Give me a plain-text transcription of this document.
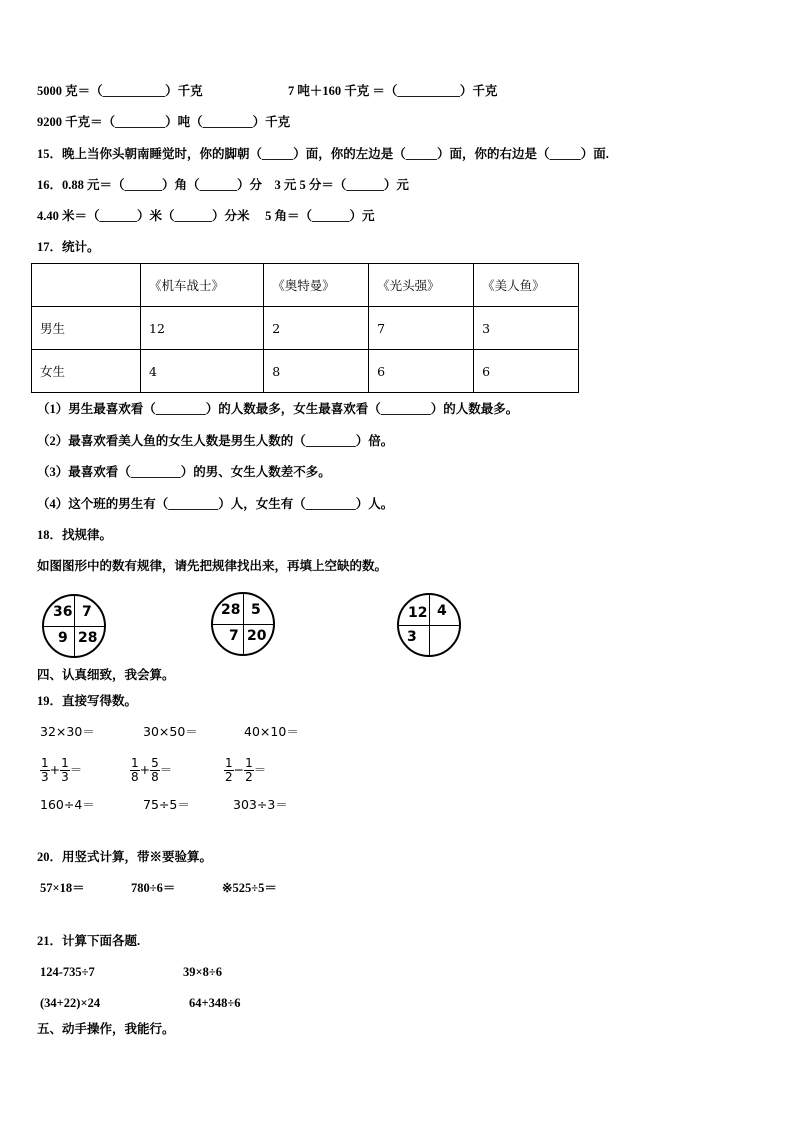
5000 克＝（__________）千克	7 吨＋160 千克 ＝（__________）千克
9200 千克＝（________）吨（________）千克
15．晚上当你头朝南睡觉时，你的脚朝（_____）面，你的左边是（_____）面，你的右边是（_____）面.
16．0.88 元＝（______）角（______）分　3 元 5 分＝（______）元
4.40 米＝（______）米（______）分米　 5 角＝（______）元
17．统计。
	《机车战士》	《奥特曼》	《光头强》	《美人鱼》
男生	12	2	7	3
女生	4	8	6	6
（1）男生最喜欢看（________）的人数最多，女生最喜欢看（________）的人数最多。
（2）最喜欢看美人鱼的女生人数是男生人数的（________）倍。
（3）最喜欢看（________）的男、女生人数差不多。
（4）这个班的男生有（________）人，女生有（________）人。
18．找规律。
如图图形中的数有规律，请先把规律找出来，再填上空缺的数。
36 7
9 28
28 5
7 20
12 4
3
四、认真细致，我会算。
19．直接写得数。
32×30＝	30×50＝	40×10＝
$\frac{1}{3} + \frac{1}{3}$ ＝	$\frac{1}{8} + \frac{5}{8}$ ＝	$\frac{1}{2} - \frac{1}{2}$ ＝
160÷4＝	75÷5＝	303÷3＝
20．用竖式计算，带※要验算。
57×18＝	780÷6＝	※525÷5＝
21．计算下面各题.
124-735÷7	39×8÷6
(34+22)×24	64+348÷6
五、动手操作，我能行。
